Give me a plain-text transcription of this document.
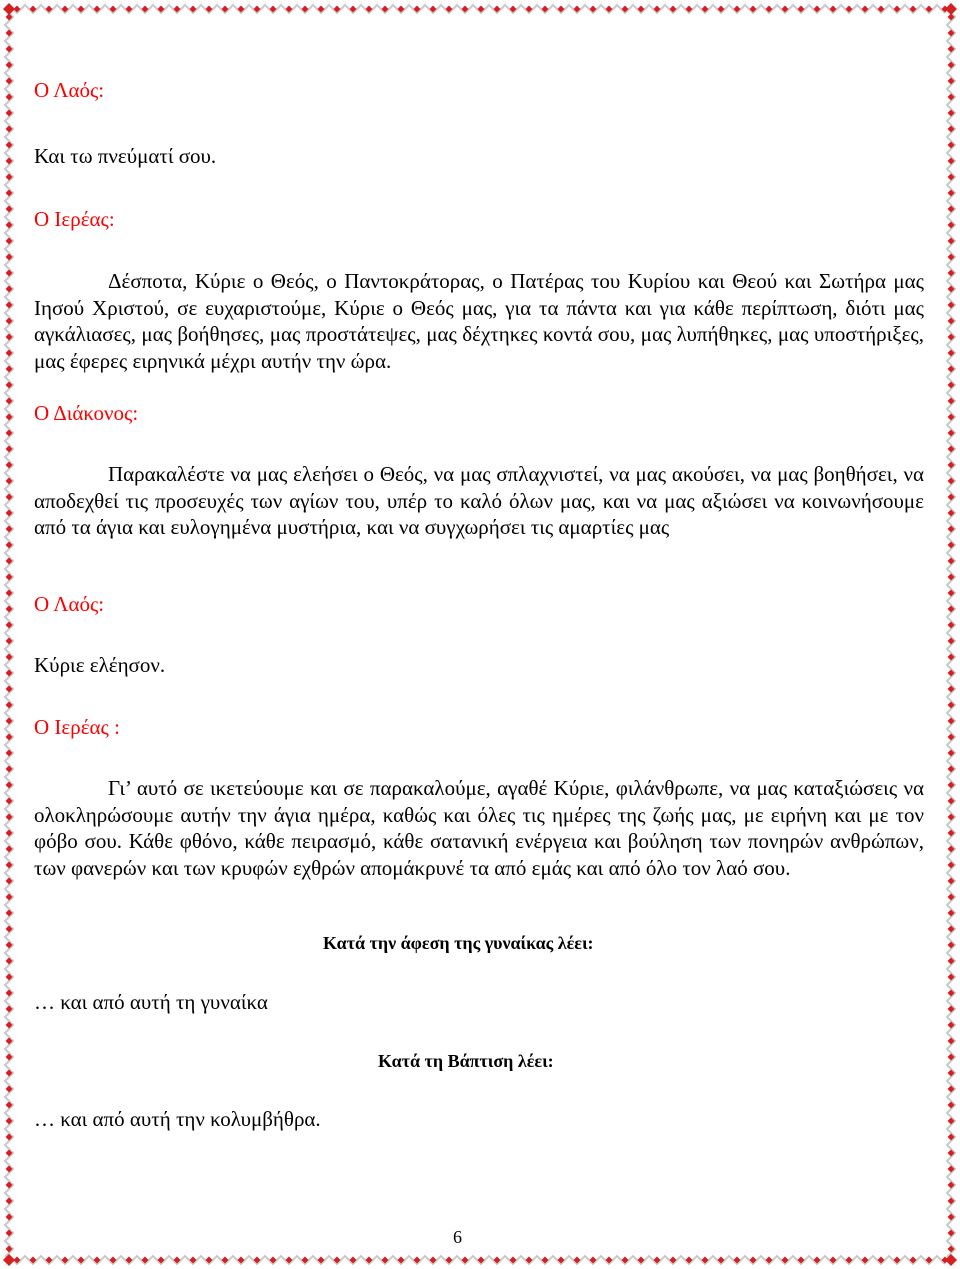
Ο Λαός:

Και τω πνεύματί σου.

Ο Ιερέας:

Δέσποτα, Κύριε ο Θεός, ο Παντοκράτορας, ο Πατέρας του Κυρίου και Θεού και Σωτήρα μας Ιησού Χριστού, σε ευχαριστούμε, Κύριε ο Θεός μας, για τα πάντα και για κάθε περίπτωση, διότι μας αγκάλιασες, μας βοήθησες, μας προστάτεψες, μας δέχτηκες κοντά σου, μας λυπήθηκες, μας υποστήριξες, μας έφερες ειρηνικά μέχρι αυτήν την ώρα.

Ο Διάκονος:

Παρακαλέστε να μας ελεήσει ο Θεός, να μας σπλαχνιστεί, να μας ακούσει, να μας βοηθήσει, να αποδεχθεί τις προσευχές των αγίων του, υπέρ το καλό όλων μας, και να μας αξιώσει να κοινωνήσουμε από τα άγια και ευλογημένα μυστήρια, και να συγχωρήσει τις αμαρτίες μας

Ο Λαός:

Κύριε ελέησον.

Ο Ιερέας :

Γι’ αυτό σε ικετεύουμε και σε παρακαλούμε, αγαθέ Κύριε, φιλάνθρωπε, να μας καταξιώσεις να ολοκληρώσουμε αυτήν την άγια ημέρα, καθώς και όλες τις ημέρες της ζωής μας, με ειρήνη και με τον φόβο σου. Κάθε φθόνο, κάθε πειρασμό, κάθε σατανική ενέργεια και βούληση των πονηρών ανθρώπων, των φανερών και των κρυφών εχθρών απομάκρυνέ τα από εμάς και από όλο τον λαό σου.

Κατά την άφεση της γυναίκας λέει:

… και από αυτή τη γυναίκα

Κατά τη Βάπτιση λέει:

… και από αυτή την κολυμβήθρα.

6
